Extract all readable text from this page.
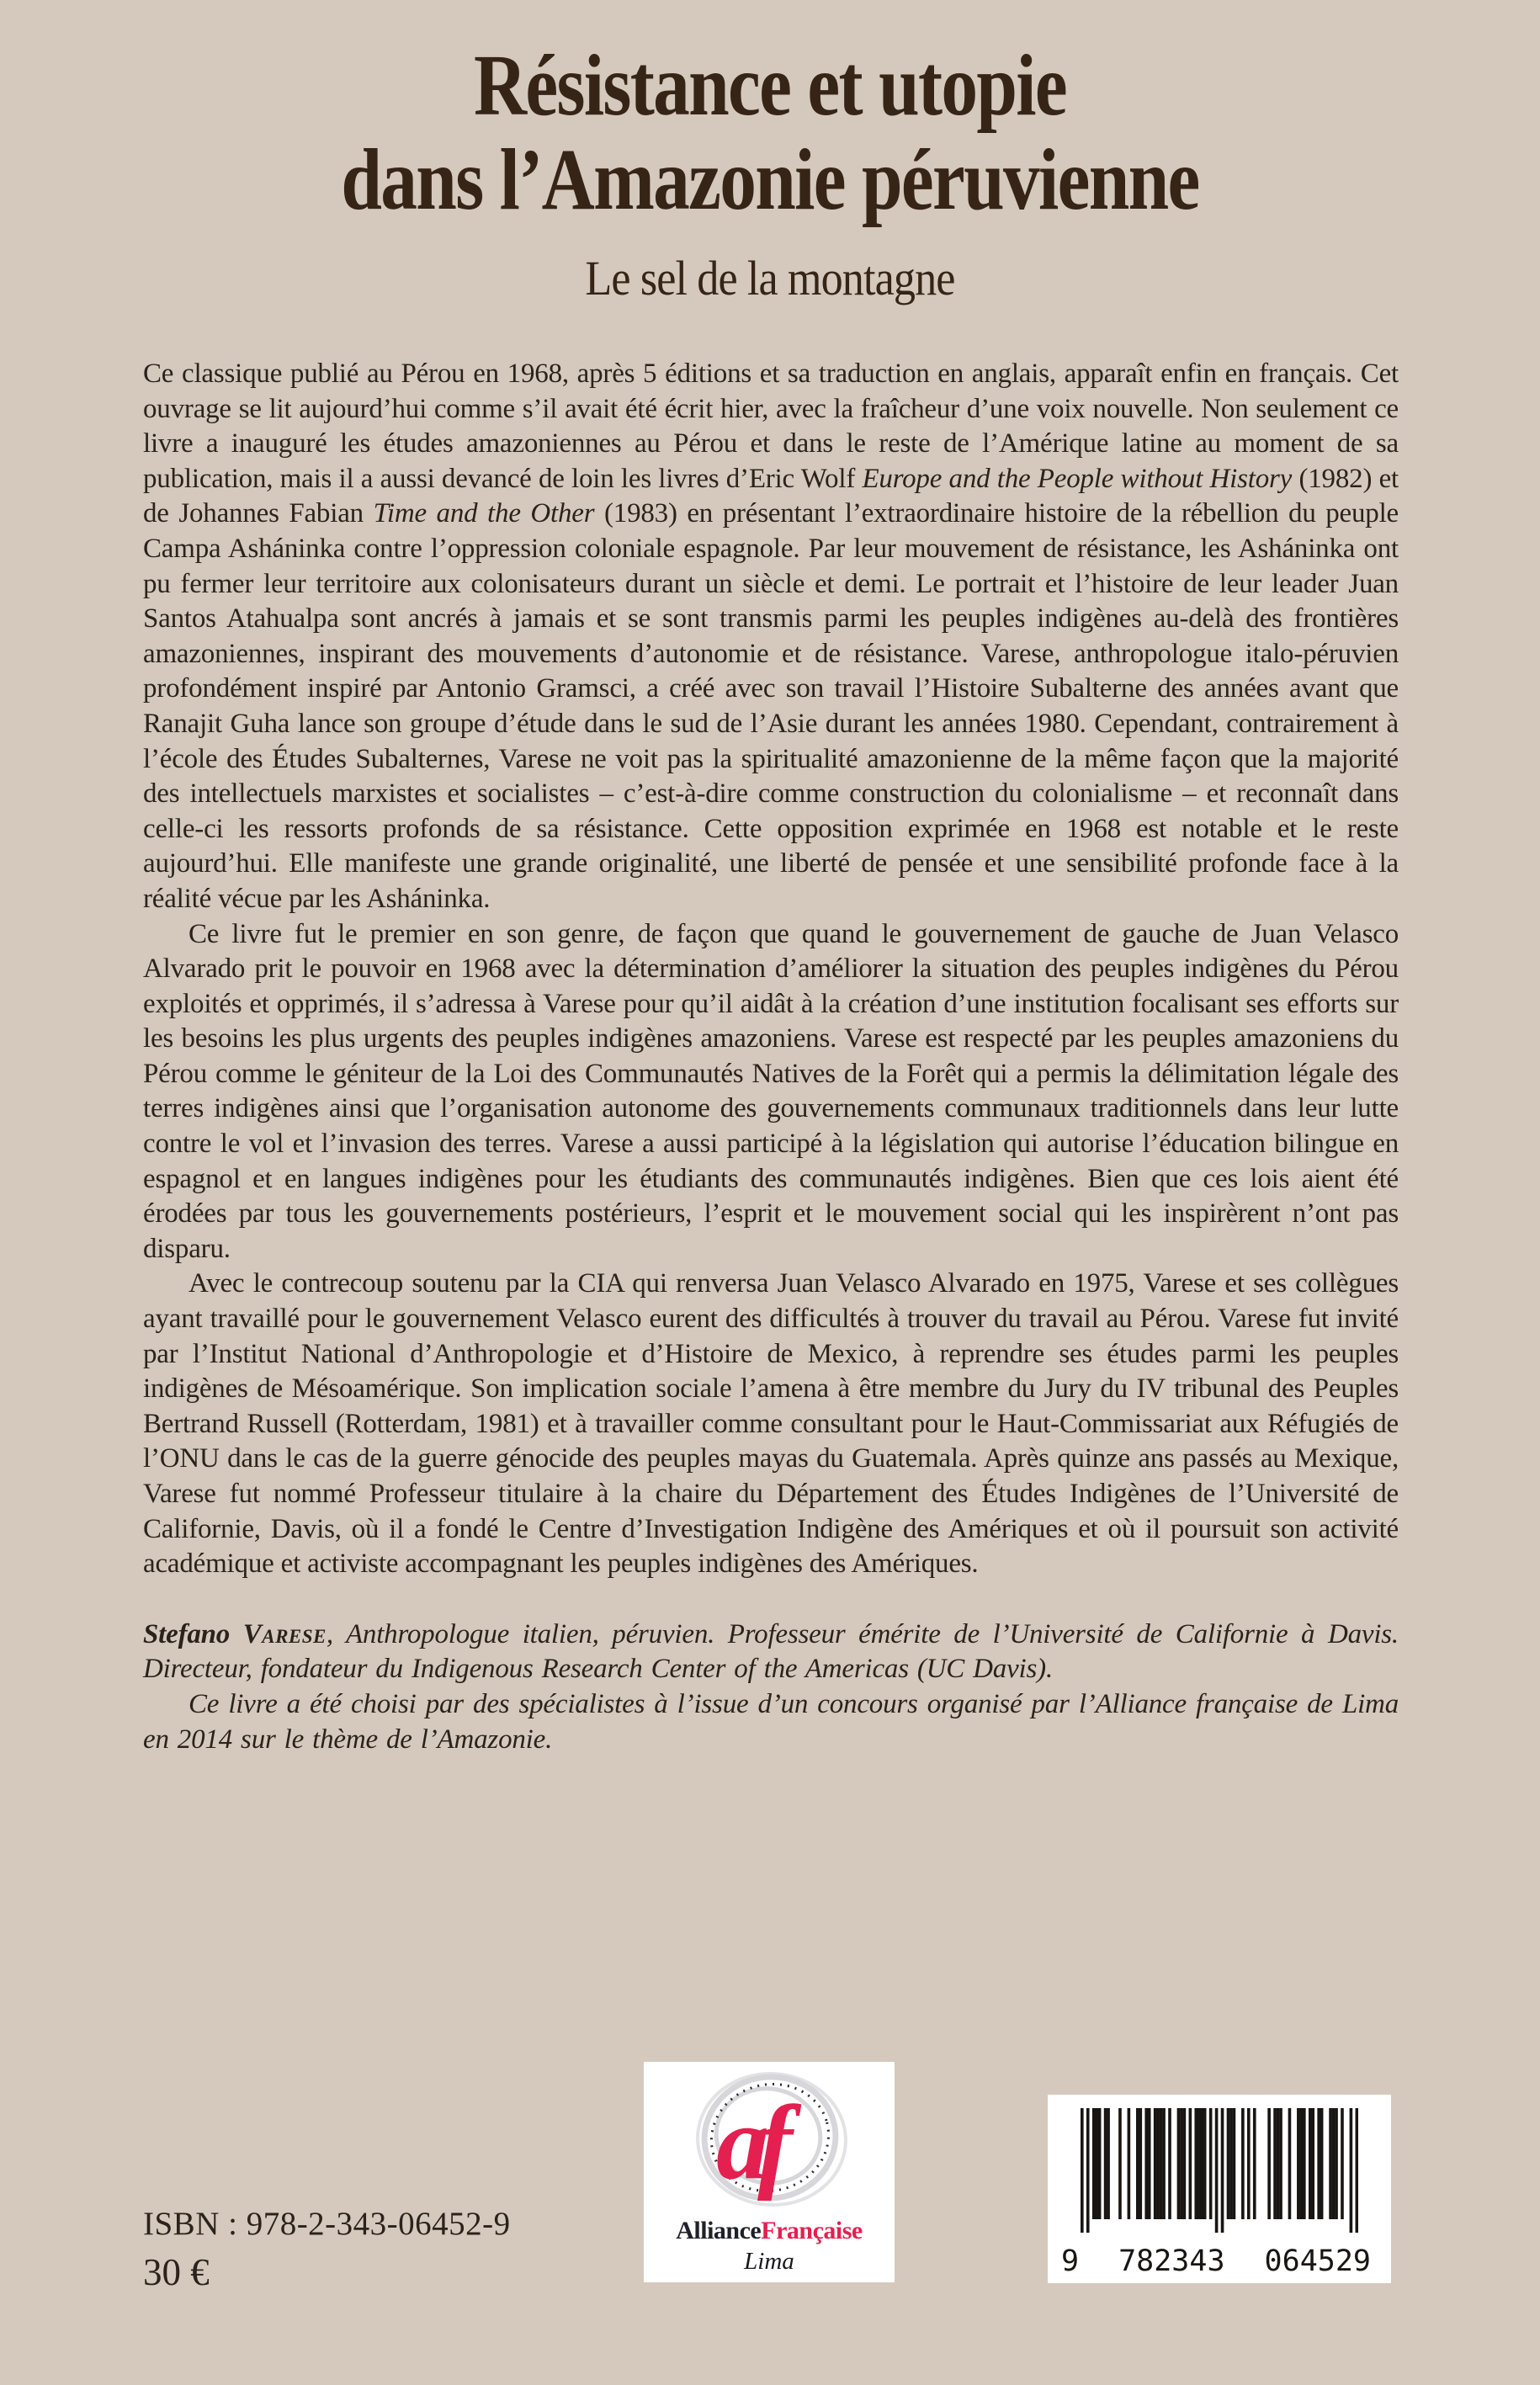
Résistance et utopie
dans l’Amazonie péruvienne
Le sel de la montagne

Ce classique publié au Pérou en 1968, après 5 éditions et sa traduction en anglais, apparaît enfin en français. Cet ouvrage se lit aujourd’hui comme s’il avait été écrit hier, avec la fraîcheur d’une voix nouvelle. Non seulement ce livre a inauguré les études amazoniennes au Pérou et dans le reste de l’Amérique latine au moment de sa publication, mais il a aussi devancé de loin les livres d’Eric Wolf Europe and the People without History (1982) et de Johannes Fabian Time and the Other (1983) en présentant l’extraordinaire histoire de la rébellion du peuple Campa Asháninka contre l’oppression coloniale espagnole. Par leur mouvement de résistance, les Asháninka ont pu fermer leur territoire aux colonisateurs durant un siècle et demi. Le portrait et l’histoire de leur leader Juan Santos Atahualpa sont ancrés à jamais et se sont transmis parmi les peuples indigènes au-delà des frontières amazoniennes, inspirant des mouvements d’autonomie et de résistance. Varese, anthropologue italo-péruvien profondément inspiré par Antonio Gramsci, a créé avec son travail l’Histoire Subalterne des années avant que Ranajit Guha lance son groupe d’étude dans le sud de l’Asie durant les années 1980. Cependant, contrairement à l’école des Études Subalternes, Varese ne voit pas la spiritualité amazonienne de la même façon que la majorité des intellectuels marxistes et socialistes – c’est-à-dire comme construction du colonialisme – et reconnaît dans celle-ci les ressorts profonds de sa résistance. Cette opposition exprimée en 1968 est notable et le reste aujourd’hui. Elle manifeste une grande originalité, une liberté de pensée et une sensibilité profonde face à la réalité vécue par les Asháninka.

Ce livre fut le premier en son genre, de façon que quand le gouvernement de gauche de Juan Velasco Alvarado prit le pouvoir en 1968 avec la détermination d’améliorer la situation des peuples indigènes du Pérou exploités et opprimés, il s’adressa à Varese pour qu’il aidât à la création d’une institution focalisant ses efforts sur les besoins les plus urgents des peuples indigènes amazoniens. Varese est respecté par les peuples amazoniens du Pérou comme le géniteur de la Loi des Communautés Natives de la Forêt qui a permis la délimitation légale des terres indigènes ainsi que l’organisation autonome des gouvernements communaux traditionnels dans leur lutte contre le vol et l’invasion des terres. Varese a aussi participé à la législation qui autorise l’éducation bilingue en espagnol et en langues indigènes pour les étudiants des communautés indigènes. Bien que ces lois aient été érodées par tous les gouvernements postérieurs, l’esprit et le mouvement social qui les inspirèrent n’ont pas disparu.

Avec le contrecoup soutenu par la CIA qui renversa Juan Velasco Alvarado en 1975, Varese et ses collègues ayant travaillé pour le gouvernement Velasco eurent des difficultés à trouver du travail au Pérou. Varese fut invité par l’Institut National d’Anthropologie et d’Histoire de Mexico, à reprendre ses études parmi les peuples indigènes de Mésoamérique. Son implication sociale l’amena à être membre du Jury du IV tribunal des Peuples Bertrand Russell (Rotterdam, 1981) et à travailler comme consultant pour le Haut-Commissariat aux Réfugiés de l’ONU dans le cas de la guerre génocide des peuples mayas du Guatemala. Après quinze ans passés au Mexique, Varese fut nommé Professeur titulaire à la chaire du Département des Études Indigènes de l’Université de Californie, Davis, où il a fondé le Centre d’Investigation Indigène des Amériques et où il poursuit son activité académique et activiste accompagnant les peuples indigènes des Amériques.

Stefano Varese, Anthropologue italien, péruvien. Professeur émérite de l’Université de Californie à Davis. Directeur, fondateur du Indigenous Research Center of the Americas (UC Davis).

Ce livre a été choisi par des spécialistes à l’issue d’un concours organisé par l’Alliance française de Lima en 2014 sur le thème de l’Amazonie.

ISBN : 978-2-343-06452-9
30 €
af
AllianceFrançaise
Lima	9 782343 064529
